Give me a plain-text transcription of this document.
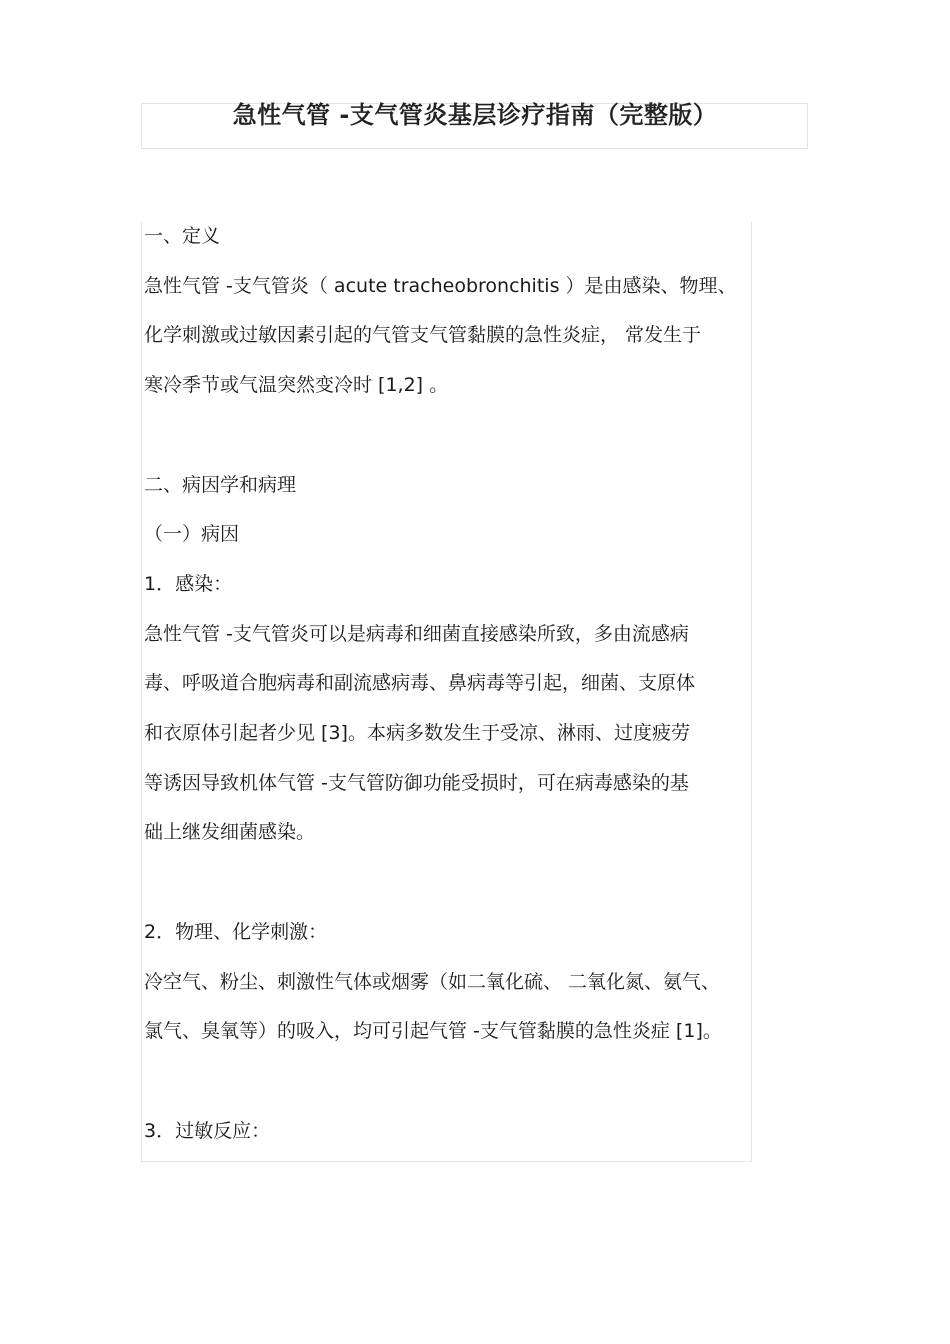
急性气管 -支气管炎基层诊疗指南（完整版）

一、定义

急性气管 -支气管炎（ acute tracheobronchitis ）是由感染、物理、

化学刺激或过敏因素引起的气管支气管黏膜的急性炎症， 常发生于

寒冷季节或气温突然变冷时 [1,2] 。

二、病因学和病理

（一）病因

1．感染：

急性气管 -支气管炎可以是病毒和细菌直接感染所致，多由流感病

毒、呼吸道合胞病毒和副流感病毒、鼻病毒等引起，细菌、支原体

和衣原体引起者少见 [3]。本病多数发生于受凉、淋雨、过度疲劳

等诱因导致机体气管 -支气管防御功能受损时，可在病毒感染的基

础上继发细菌感染。

2．物理、化学刺激：

冷空气、粉尘、刺激性气体或烟雾（如二氧化硫、 二氧化氮、氨气、

氯气、臭氧等）的吸入，均可引起气管 -支气管黏膜的急性炎症 [1]。

3．过敏反应：
